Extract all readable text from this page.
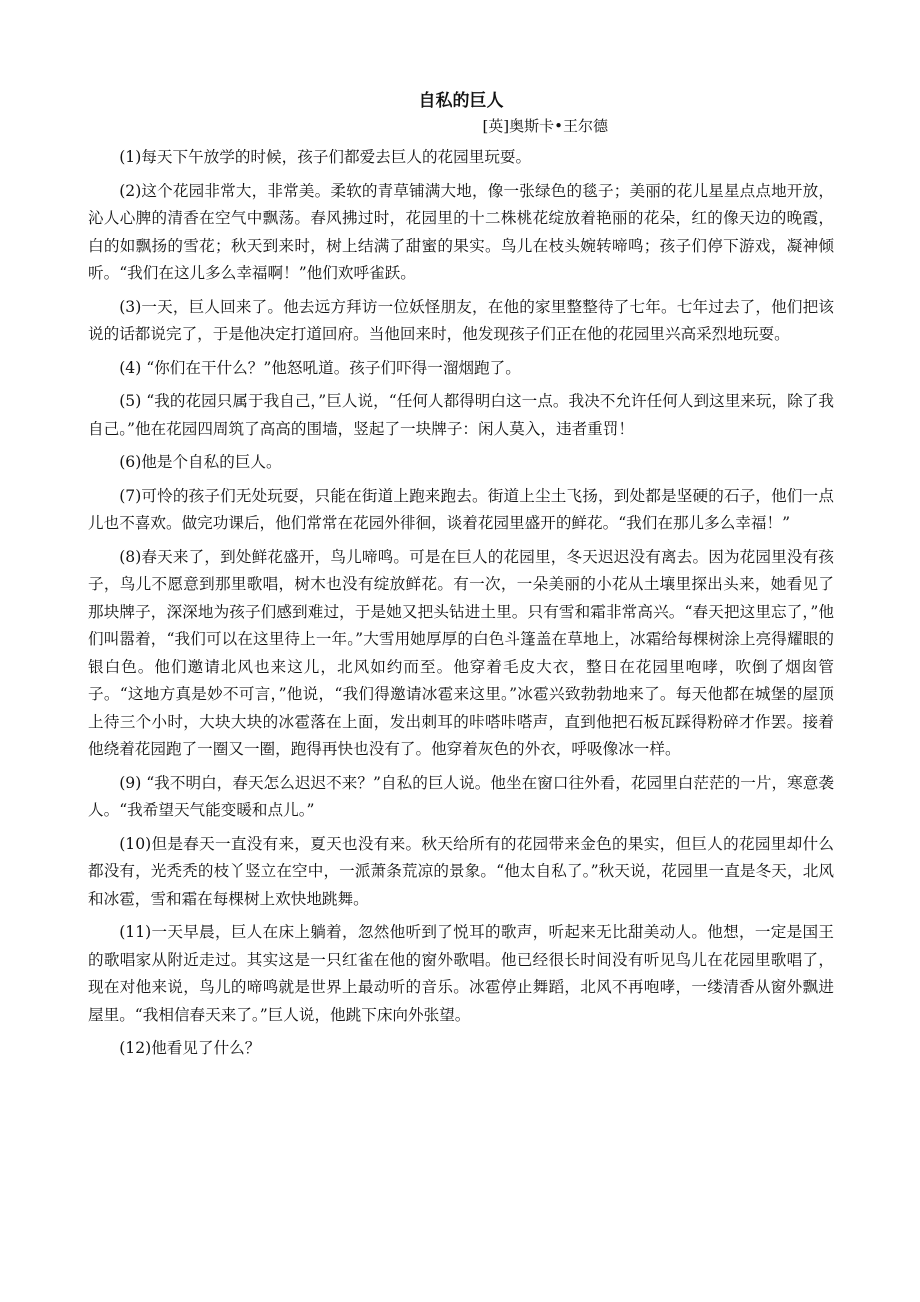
自私的巨人

[英]奥斯卡•王尔德

(1)每天下午放学的时候，孩子们都爱去巨人的花园里玩耍。

(2)这个花园非常大，非常美。柔软的青草铺满大地，像一张绿色的毯子；美丽的花儿星星点点地开放，沁人心脾的清香在空气中飘荡。春风拂过时，花园里的十二株桃花绽放着艳丽的花朵，红的像天边的晚霞，白的如飘扬的雪花；秋天到来时，树上结满了甜蜜的果实。鸟儿在枝头婉转啼鸣；孩子们停下游戏，凝神倾听。“我们在这儿多么幸福啊！”他们欢呼雀跃。

(3)一天，巨人回来了。他去远方拜访一位妖怪朋友，在他的家里整整待了七年。七年过去了，他们把该说的话都说完了，于是他决定打道回府。当他回来时，他发现孩子们正在他的花园里兴高采烈地玩耍。

(4) “你们在干什么？”他怒吼道。孩子们吓得一溜烟跑了。

(5) “我的花园只属于我自己，”巨人说，“任何人都得明白这一点。我决不允许任何人到这里来玩，除了我自己。”他在花园四周筑了高高的围墙，竖起了一块牌子：闲人莫入，违者重罚！

(6)他是个自私的巨人。

(7)可怜的孩子们无处玩耍，只能在街道上跑来跑去。街道上尘土飞扬，到处都是坚硬的石子，他们一点儿也不喜欢。做完功课后，他们常常在花园外徘徊，谈着花园里盛开的鲜花。“我们在那儿多么幸福！”

(8)春天来了，到处鲜花盛开，鸟儿啼鸣。可是在巨人的花园里，冬天迟迟没有离去。因为花园里没有孩子，鸟儿不愿意到那里歌唱，树木也没有绽放鲜花。有一次，一朵美丽的小花从土壤里探出头来，她看见了那块牌子，深深地为孩子们感到难过，于是她又把头钻进土里。只有雪和霜非常高兴。“春天把这里忘了，”他们叫嚣着，“我们可以在这里待上一年。”大雪用她厚厚的白色斗篷盖在草地上，冰霜给每棵树涂上亮得耀眼的银白色。他们邀请北风也来这儿，北风如约而至。他穿着毛皮大衣，整日在花园里咆哮，吹倒了烟囱管子。“这地方真是妙不可言，”他说，“我们得邀请冰雹来这里。”冰雹兴致勃勃地来了。每天他都在城堡的屋顶上待三个小时，大块大块的冰雹落在上面，发出刺耳的咔嗒咔嗒声，直到他把石板瓦踩得粉碎才作罢。接着他绕着花园跑了一圈又一圈，跑得再快也没有了。他穿着灰色的外衣，呼吸像冰一样。

(9) “我不明白，春天怎么迟迟不来？”自私的巨人说。他坐在窗口往外看，花园里白茫茫的一片，寒意袭人。“我希望天气能变暖和点儿。”

(10)但是春天一直没有来，夏天也没有来。秋天给所有的花园带来金色的果实，但巨人的花园里却什么都没有，光秃秃的枝丫竖立在空中，一派萧条荒凉的景象。“他太自私了。”秋天说，花园里一直是冬天，北风和冰雹，雪和霜在每棵树上欢快地跳舞。

(11)一天早晨，巨人在床上躺着，忽然他听到了悦耳的歌声，听起来无比甜美动人。他想，一定是国王的歌唱家从附近走过。其实这是一只红雀在他的窗外歌唱。他已经很长时间没有听见鸟儿在花园里歌唱了，现在对他来说，鸟儿的啼鸣就是世界上最动听的音乐。冰雹停止舞蹈，北风不再咆哮，一缕清香从窗外飘进屋里。“我相信春天来了。”巨人说，他跳下床向外张望。

(12)他看见了什么？
